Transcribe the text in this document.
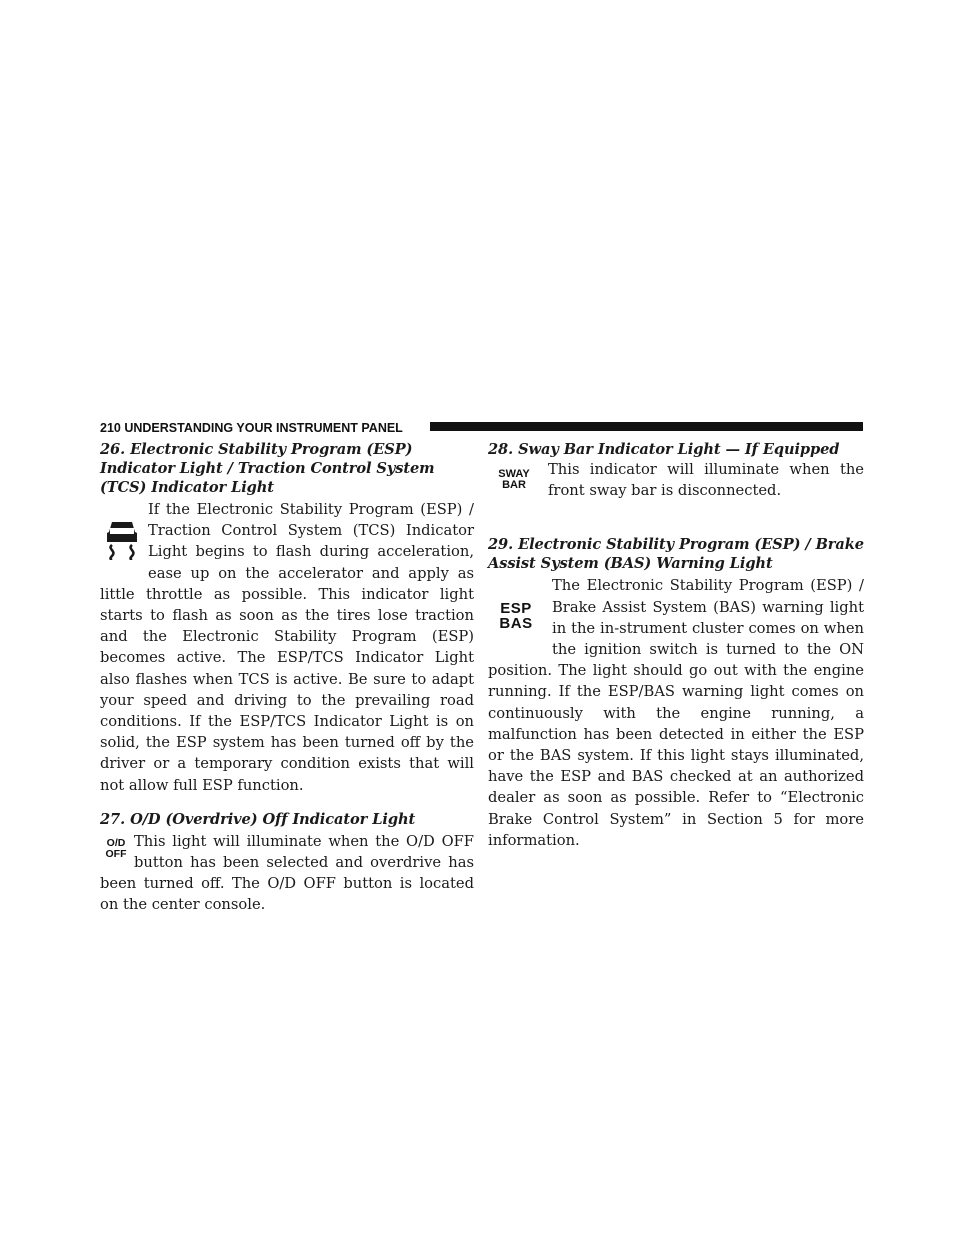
210 UNDERSTANDING YOUR INSTRUMENT PANEL

26. Electronic Stability Program (ESP) Indicator Light / Traction Control System (TCS) Indicator Light

If the Electronic Stability Program (ESP) / Traction Control System (TCS) Indicator Light begins to flash during acceleration, ease up on the accelerator and apply as little throttle as possible. This indicator light starts to flash as soon as the tires lose traction and the Electronic Stability Program (ESP) becomes active. The ESP/TCS Indicator Light also flashes when TCS is active. Be sure to adapt your speed and driving to the prevailing road conditions. If the ESP/TCS Indicator Light is on solid, the ESP system has been turned off by the driver or a temporary condition exists that will not allow full ESP function.

27. O/D (Overdrive) Off Indicator Light

O/D
OFF

This light will illuminate when the O/D OFF button has been selected and overdrive has been turned off. The O/D OFF button is located on the center console.

28. Sway Bar Indicator Light — If Equipped

SWAY
BAR

This indicator will illuminate when the front sway bar is disconnected.

29. Electronic Stability Program (ESP) / Brake Assist System (BAS) Warning Light

ESP
BAS

The Electronic Stability Program (ESP) / Brake Assist System (BAS) warning light in the in-strument cluster comes on when the ignition switch is turned to the ON position. The light should go out with the engine running. If the ESP/BAS warning light comes on continuously with the engine running, a malfunction has been detected in either the ESP or the BAS system. If this light stays illuminated, have the ESP and BAS checked at an authorized dealer as soon as possible. Refer to “Electronic Brake Control System” in Section 5 for more information.
